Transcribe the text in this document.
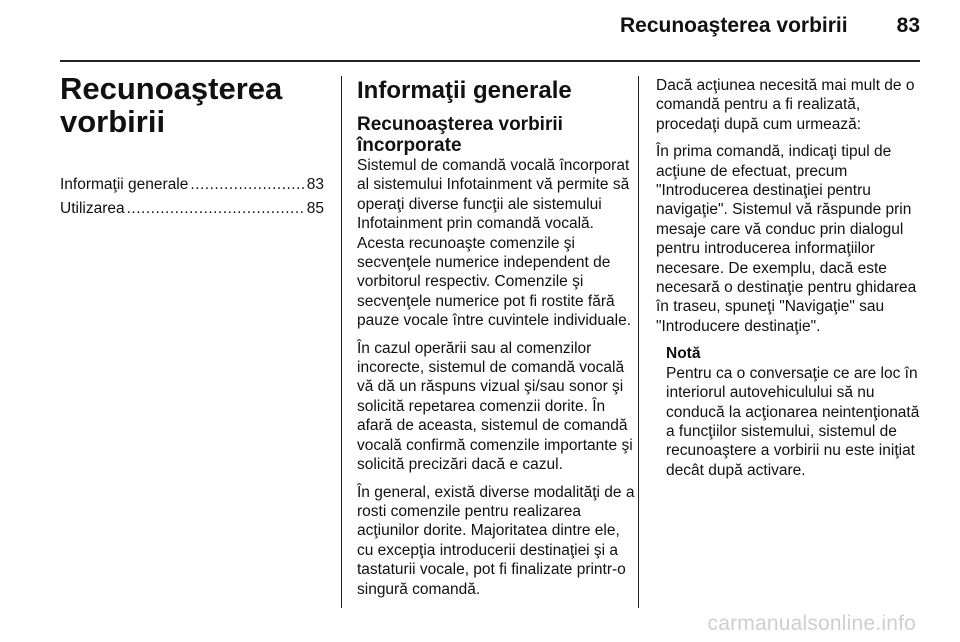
Recunoaşterea vorbirii	83
Recunoaşterea vorbirii
Informaţii generale .....	83
Utilizarea .....	85
Informaţii generale
Recunoaşterea vorbirii încorporate

Sistemul de comandă vocală încorporat al sistemului Infotainment vă permite să operaţi diverse funcţii ale sistemului Infotainment prin comandă vocală. Acesta recunoaşte comenzile şi secvenţele numerice independent de vorbitorul respectiv. Comenzile şi secvenţele numerice pot fi rostite fără pauze vocale între cuvintele individuale.

În cazul operării sau al comenzilor incorecte, sistemul de comandă vocală vă dă un răspuns vizual şi/sau sonor şi solicită repetarea comenzii dorite. În afară de aceasta, sistemul de comandă vocală confirmă comenzile importante şi solicită precizări dacă e cazul.

În general, există diverse modalităţi de a rosti comenzile pentru realizarea acţiunilor dorite. Majoritatea dintre ele, cu excepţia introducerii destinaţiei şi a tastaturii vocale, pot fi finalizate printr-o singură comandă.

Dacă acţiunea necesită mai mult de o comandă pentru a fi realizată, procedaţi după cum urmează:

În prima comandă, indicaţi tipul de acţiune de efectuat, precum "Introducerea destinaţiei pentru navigaţie". Sistemul vă răspunde prin mesaje care vă conduc prin dialogul pentru introducerea informaţiilor necesare. De exemplu, dacă este necesară o destinaţie pentru ghidarea în traseu, spuneţi "Navigaţie" sau "Introducere destinaţie".

Notă
Pentru ca o conversaţie ce are loc în interiorul autovehiculului să nu conducă la acţionarea neintenţionată a funcţiilor sistemului, sistemul de recunoaştere a vorbirii nu este iniţiat decât după activare.
carmanualsonline.info
